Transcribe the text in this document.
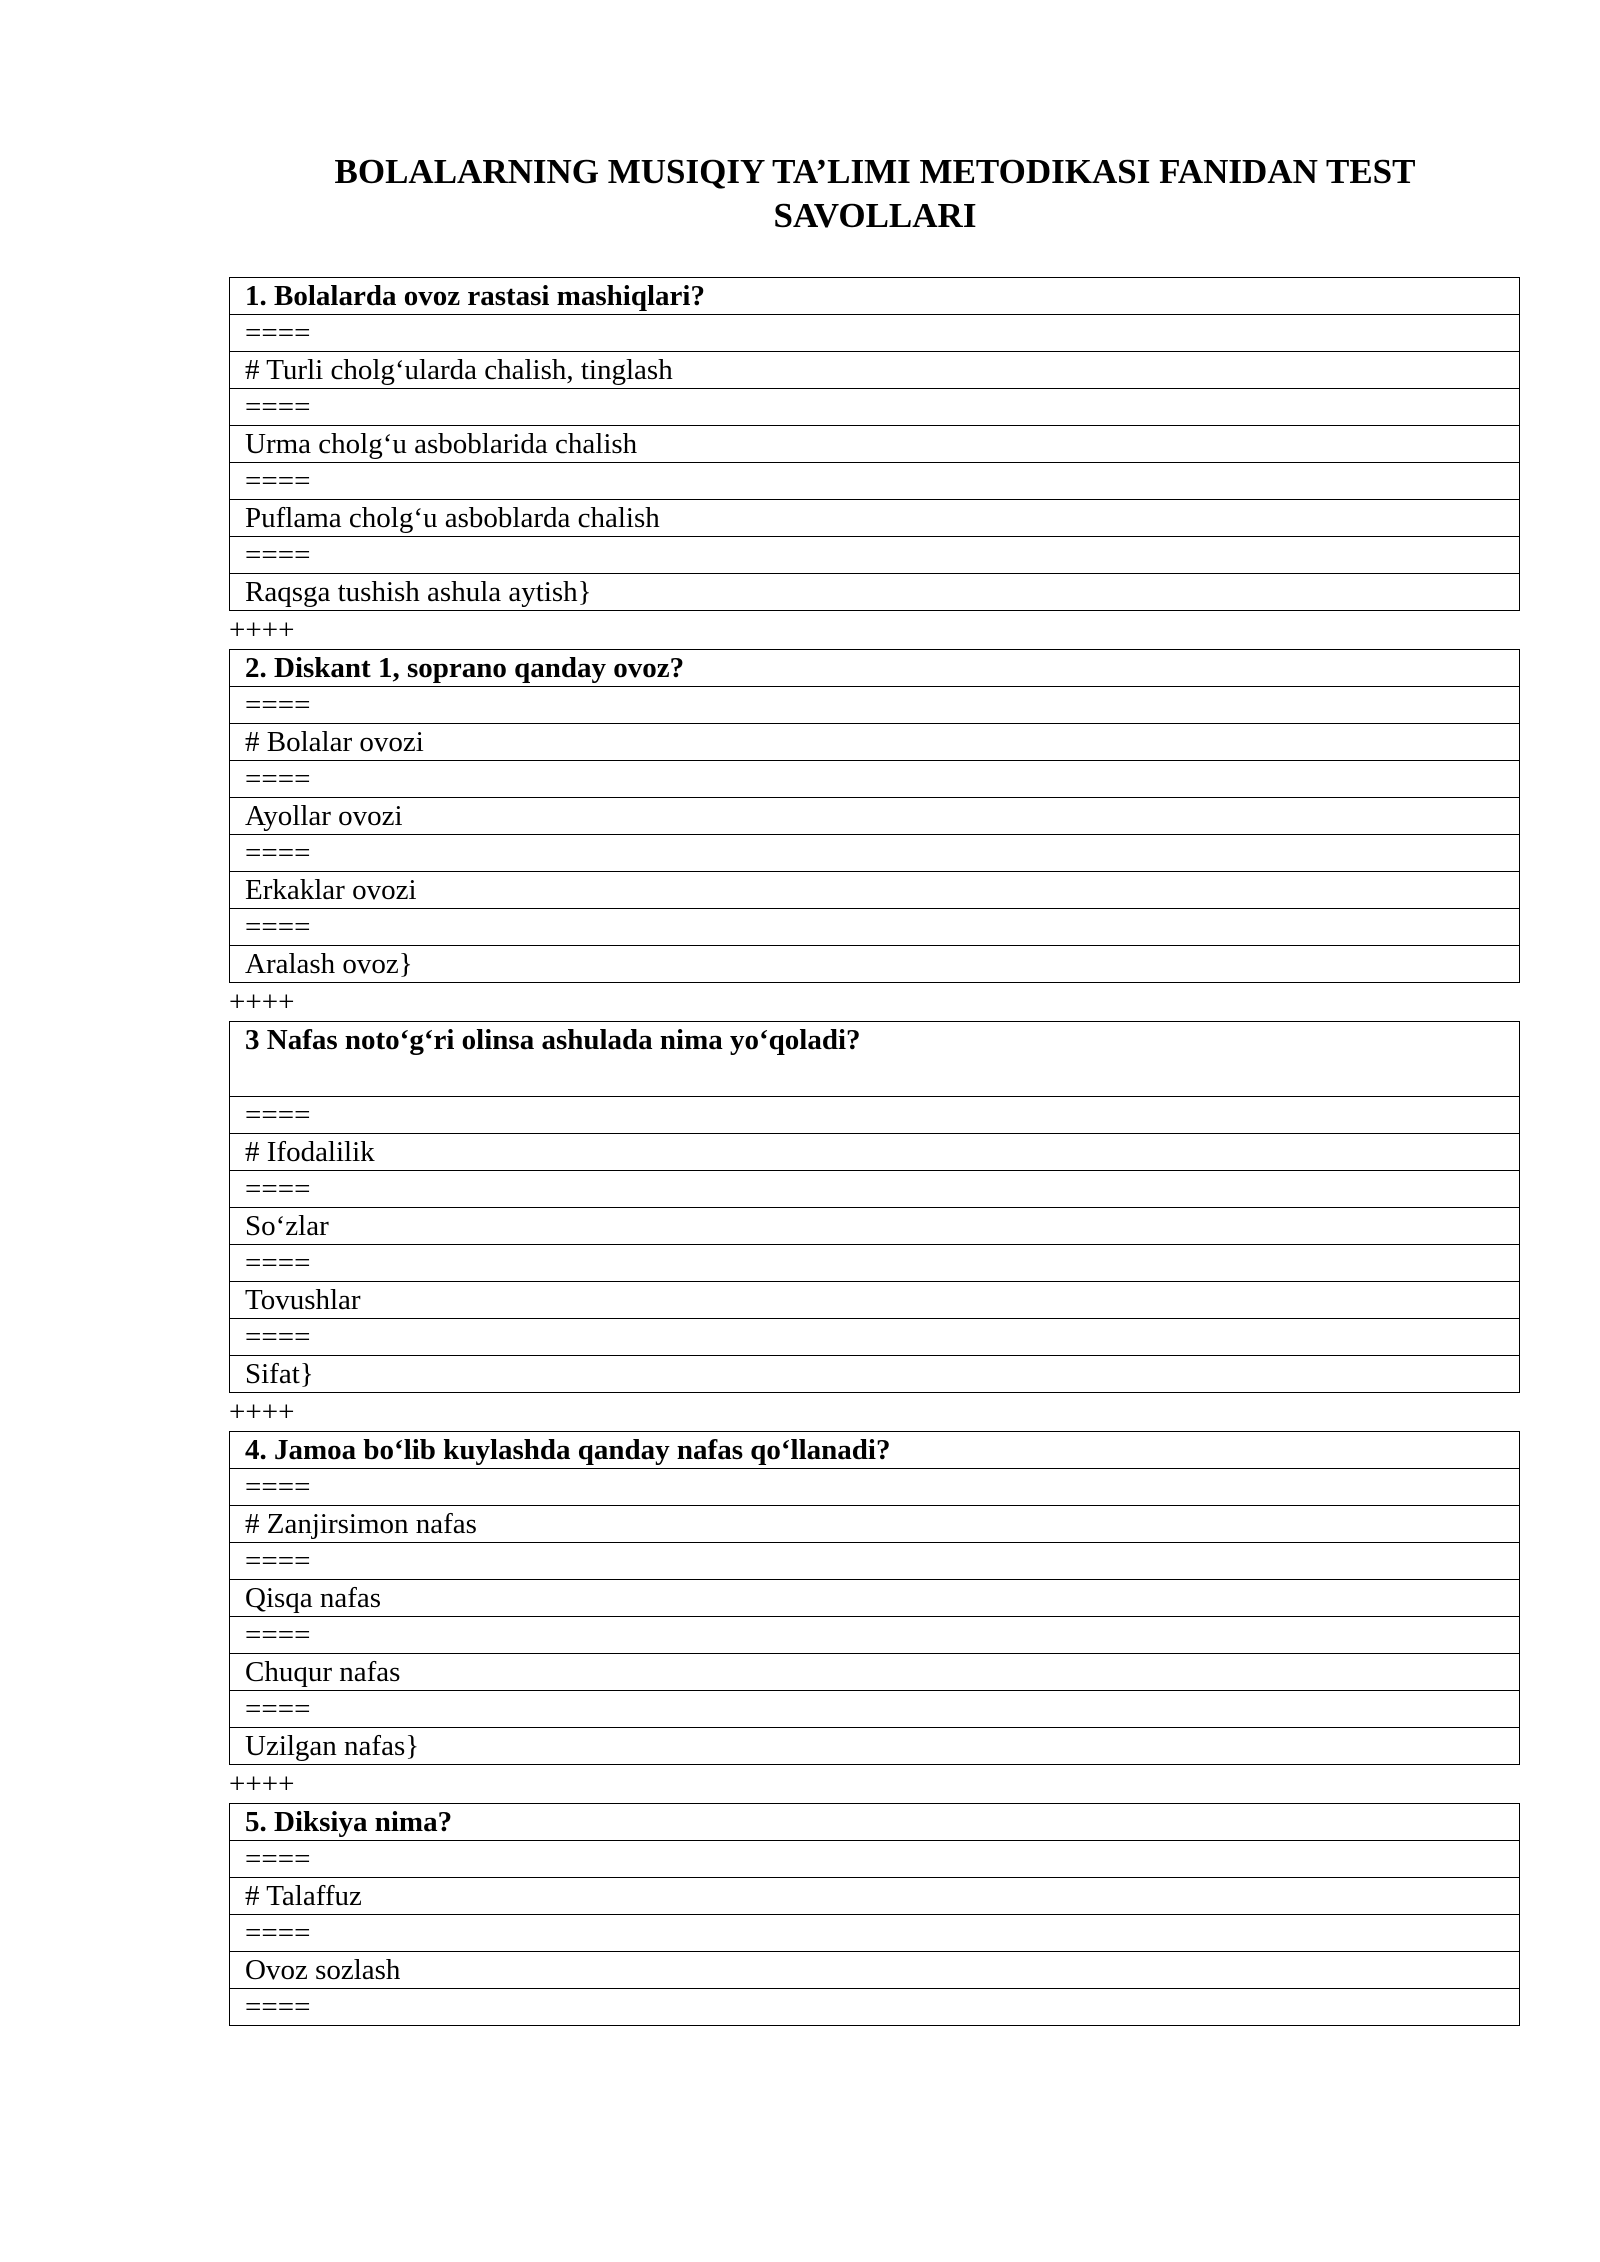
BOLALARNING MUSIQIY TA’LIMI METODIKASI FANIDAN TEST SAVOLLARI
1. Bolalarda ovoz rastasi mashiqlari?
====
# Turli cholg‘ularda chalish, tinglash
====
Urma cholg‘u asboblarida chalish
====
Puflama cholg‘u asboblarda chalish
====
Raqsga tushish ashula aytish}
++++
2. Diskant 1, soprano qanday ovoz?
====
# Bolalar ovozi
====
Ayollar ovozi
====
Erkaklar ovozi
====
Aralash ovoz}
++++
3 Nafas noto‘g‘ri olinsa ashulada nima yo‘qoladi?
====
# Ifodalilik
====
So‘zlar
====
Tovushlar
====
Sifat}
++++
4. Jamoa bo‘lib kuylashda qanday nafas qo‘llanadi?
====
# Zanjirsimon nafas
====
Qisqa nafas
====
Chuqur nafas
====
Uzilgan nafas}
++++
5. Diksiya nima?
====
# Talaffuz
====
Ovoz sozlash
====
